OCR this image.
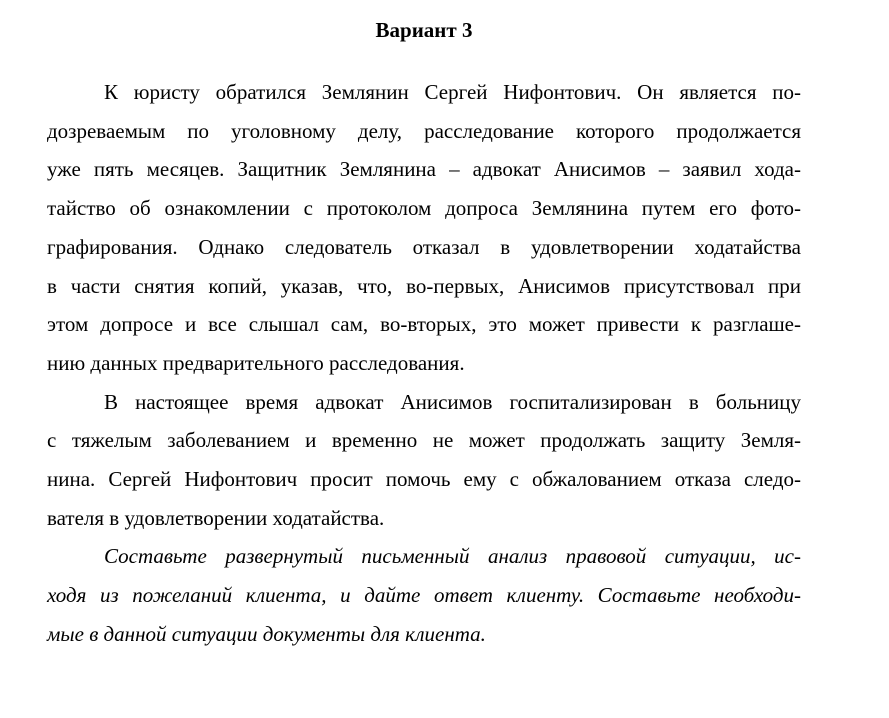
Вариант 3
К юристу обратился Землянин Сергей Нифонтович. Он является по-
дозреваемым по уголовному делу, расследование которого продолжается
уже пять месяцев. Защитник Землянина – адвокат Анисимов – заявил хода-
тайство об ознакомлении с протоколом допроса Землянина путем его фото-
графирования. Однако следователь отказал в удовлетворении ходатайства
в части снятия копий, указав, что, во-первых, Анисимов присутствовал при
этом допросе и все слышал сам, во-вторых, это может привести к разглаше-
нию данных предварительного расследования.
В настоящее время адвокат Анисимов госпитализирован в больницу
с тяжелым заболеванием и временно не может продолжать защиту Земля-
нина. Сергей Нифонтович просит помочь ему с обжалованием отказа следо-
вателя в удовлетворении ходатайства.
Составьте развернутый письменный анализ правовой ситуации, ис-
ходя из пожеланий клиента, и дайте ответ клиенту. Составьте необходи-
мые в данной ситуации документы для клиента.
